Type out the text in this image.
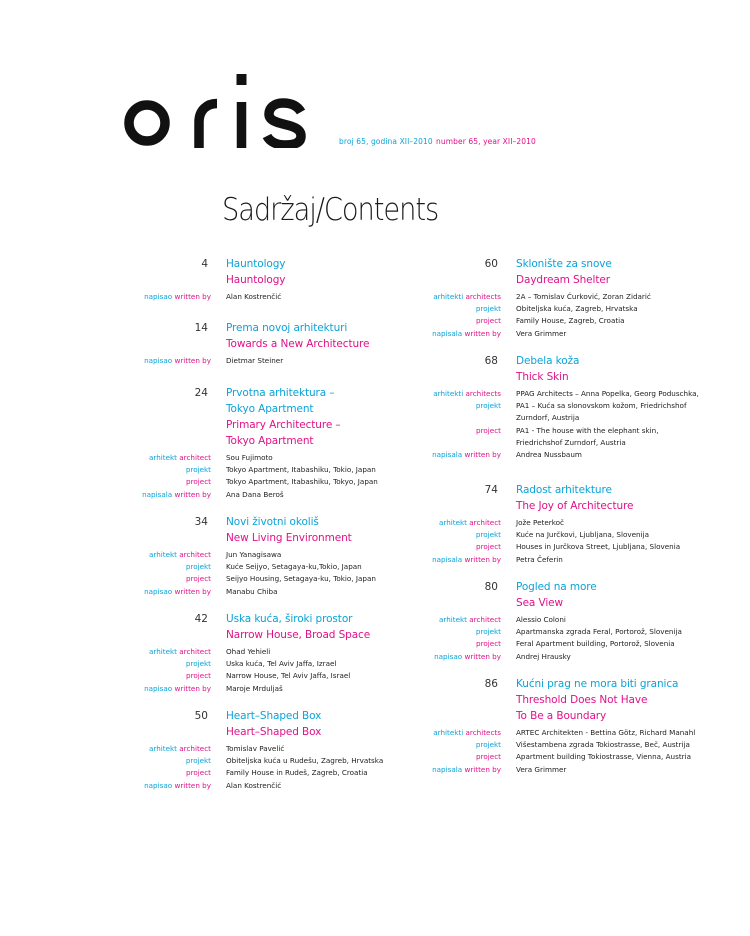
broj 65, godina XII–2010 number 65, year XII–2010
Sadržaj/Contents
4 Hauntology
Hauntology
napisao written by Alan Kostrenčić
14 Prema novoj arhitekturi
Towards a New Architecture
napisao written by Dietmar Steiner
24 Prvotna arhitektura –
Tokyo Apartment
Primary Architecture –
Tokyo Apartment
arhitekt architect Sou Fujimoto
projekt Tokyo Apartment, Itabashiku, Tokio, Japan
project Tokyo Apartment, Itabashiku, Tokyo, Japan
napisala written by Ana Dana Beroš
34 Novi životni okoliš
New Living Environment
arhitekt architect Jun Yanagisawa
projekt Kuće Seijyo, Setagaya-ku,Tokio, Japan
project Seijyo Housing, Setagaya-ku, Tokio, Japan
napisao written by Manabu Chiba
42 Uska kuća, široki prostor
Narrow House, Broad Space
arhitekt architect Ohad Yehieli
projekt Uska kuća, Tel Aviv Jaffa, Izrael
project Narrow House, Tel Aviv Jaffa, Israel
napisao written by Maroje Mrduljaš
50 Heart–Shaped Box
Heart–Shaped Box
arhitekt architect Tomislav Pavelić
projekt Obiteljska kuća u Rudešu, Zagreb, Hrvatska
project Family House in Rudeš, Zagreb, Croatia
napisao written by Alan Kostrenčić
60 Sklonište za snove
Daydream Shelter
arhitekti architects 2A – Tomislav Ćurković, Zoran Zidarić
projekt Obiteljska kuća, Zagreb, Hrvatska
project Family House, Zagreb, Croatia
napisala written by Vera Grimmer
68 Debela koža
Thick Skin
arhitekti architects PPAG Architects – Anna Popelka, Georg Poduschka,
projekt PA1 – Kuća sa slonovskom kožom, Friedrichshof
Zurndorf, Austrija
project PA1 - The house with the elephant skin,
Friedrichshof Zurndorf, Austria
napisala written by Andrea Nussbaum
74 Radost arhitekture
The Joy of Architecture
arhitekt architect Jože Peterkoč
projekt Kuće na Jurčkovi, Ljubljana, Slovenija
project Houses in Jurčkova Street, Ljubljana, Slovenia
napisala written by Petra Čeferin
80 Pogled na more
Sea View
arhitekt architect Alessio Coloni
projekt Apartmanska zgrada Feral, Portorož, Slovenija
project Feral Apartment building, Portorož, Slovenia
napisao written by Andrej Hrausky
86 Kućni prag ne mora biti granica
Threshold Does Not Have
To Be a Boundary
arhitekti architects ARTEC Architekten - Bettina Götz, Richard Manahl
projekt Višestambena zgrada Tokiostrasse, Beč, Austrija
project Apartment building Tokiostrasse, Vienna, Austria
napisala written by Vera Grimmer
